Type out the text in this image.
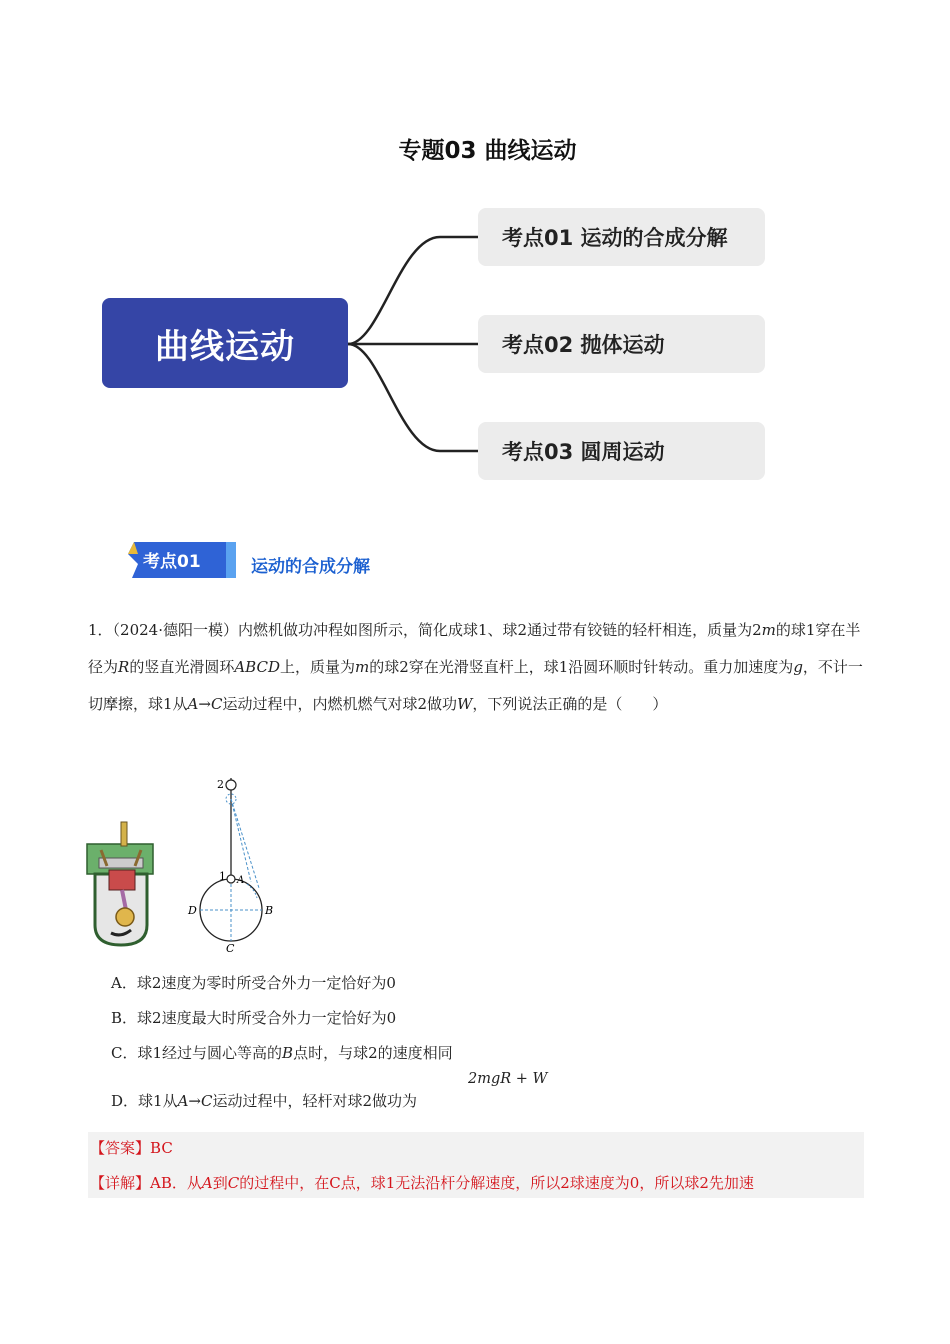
专题03 曲线运动
曲线运动
考点01 运动的合成分解
考点02 抛体运动
考点03 圆周运动
考点01	运动的合成分解
1．（2024·德阳一模）内燃机做功冲程如图所示，简化成球1、球2通过带有铰链的轻杆相连，质量为2m的球1穿在半径为R的竖直光滑圆环ABCD上，质量为m的球2穿在光滑竖直杆上，球1沿圆环顺时针转动。重力加速度为g，不计一切摩擦，球1从A→C运动过程中，内燃机燃气对球2做功W，下列说法正确的是（　　）
2
1 A
B
C
D
A．球2速度为零时所受合外力一定恰好为0
B．球2速度最大时所受合外力一定恰好为0
C．球1经过与圆心等高的B点时，与球2的速度相同
D．球1从A→C运动过程中，轻杆对球2做功为
2mgR + W
【答案】BC
【详解】AB．从A到C的过程中，在C点，球1无法沿杆分解速度，所以2球速度为0，所以球2先加速
